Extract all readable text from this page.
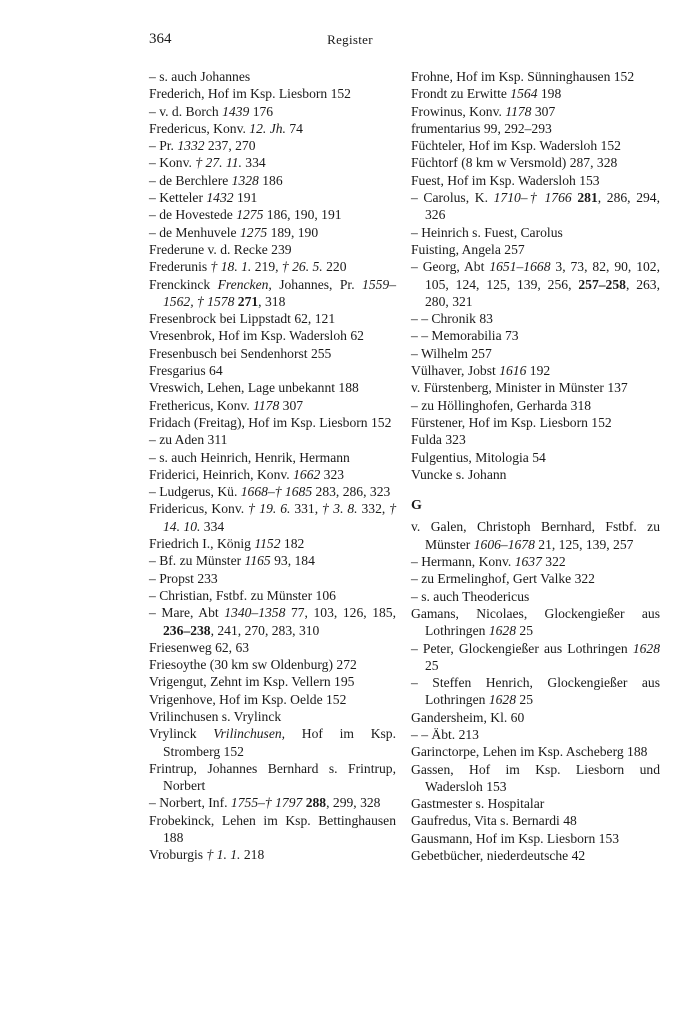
364	Register
– s. auch Johannes
Frederich, Hof im Ksp. Liesborn 152
– v. d. Borch 1439 176
Fredericus, Konv. 12. Jh. 74
– Pr. 1332 237, 270
– Konv. † 27. 11. 334
– de Berchlere 1328 186
– Ketteler 1432 191
– de Hovestede 1275 186, 190, 191
– de Menhuvele 1275 189, 190
Frederune v. d. Recke 239
Frederunis † 18. 1. 219, † 26. 5. 220
Frenckinck Frencken, Johannes, Pr. 1559–1562, † 1578 271, 318
Fresenbrock bei Lippstadt 62, 121
Vresenbrok, Hof im Ksp. Wadersloh 62
Fresenbusch bei Sendenhorst 255
Fresgarius 64
Vreswich, Lehen, Lage unbekannt 188
Frethericus, Konv. 1178 307
Fridach (Freitag), Hof im Ksp. Liesborn 152
– zu Aden 311
– s. auch Heinrich, Henrik, Hermann
Friderici, Heinrich, Konv. 1662 323
– Ludgerus, Kü. 1668–† 1685 283, 286, 323
Fridericus, Konv. † 19. 6. 331, † 3. 8. 332, † 14. 10. 334
Friedrich I., König 1152 182
– Bf. zu Münster 1165 93, 184
– Propst 233
– Christian, Fstbf. zu Münster 106
– Mare, Abt 1340–1358 77, 103, 126, 185, 236–238, 241, 270, 283, 310
Friesenweg 62, 63
Friesoythe (30 km sw Oldenburg) 272
Vrigengut, Zehnt im Ksp. Vellern 195
Vrigenhove, Hof im Ksp. Oelde 152
Vrilinchusen s. Vrylinck
Vrylinck Vrilinchusen, Hof im Ksp. Stromberg 152
Frintrup, Johannes Bernhard s. Frintrup, Norbert
– Norbert, Inf. 1755–† 1797 288, 299, 328
Frobekinck, Lehen im Ksp. Bettinghausen 188
Vroburgis † 1. 1. 218
Frohne, Hof im Ksp. Sünninghausen 152
Frondt zu Erwitte 1564 198
Frowinus, Konv. 1178 307
frumentarius 99, 292–293
Füchteler, Hof im Ksp. Wadersloh 152
Füchtorf (8 km w Versmold) 287, 328
Fuest, Hof im Ksp. Wadersloh 153
– Carolus, K. 1710–† 1766 281, 286, 294, 326
– Heinrich s. Fuest, Carolus
Fuisting, Angela 257
– Georg, Abt 1651–1668 3, 73, 82, 90, 102, 105, 124, 125, 139, 256, 257–258, 263, 280, 321
– – Chronik 83
– – Memorabilia 73
– Wilhelm 257
Vülhaver, Jobst 1616 192
v. Fürstenberg, Minister in Münster 137
– zu Höllinghofen, Gerharda 318
Fürstener, Hof im Ksp. Liesborn 152
Fulda 323
Fulgentius, Mitologia 54
Vuncke s. Johann
G
v. Galen, Christoph Bernhard, Fstbf. zu Münster 1606–1678 21, 125, 139, 257
– Hermann, Konv. 1637 322
– zu Ermelinghof, Gert Valke 322
– s. auch Theodericus
Gamans, Nicolaes, Glockengießer aus Lothringen 1628 25
– Peter, Glockengießer aus Lothringen 1628 25
– Steffen Henrich, Glockengießer aus Lothringen 1628 25
Gandersheim, Kl. 60
– – Äbt. 213
Garinctorpe, Lehen im Ksp. Ascheberg 188
Gassen, Hof im Ksp. Liesborn und Wadersloh 153
Gastmester s. Hospitalar
Gaufredus, Vita s. Bernardi 48
Gausmann, Hof im Ksp. Liesborn 153
Gebetbücher, niederdeutsche 42
